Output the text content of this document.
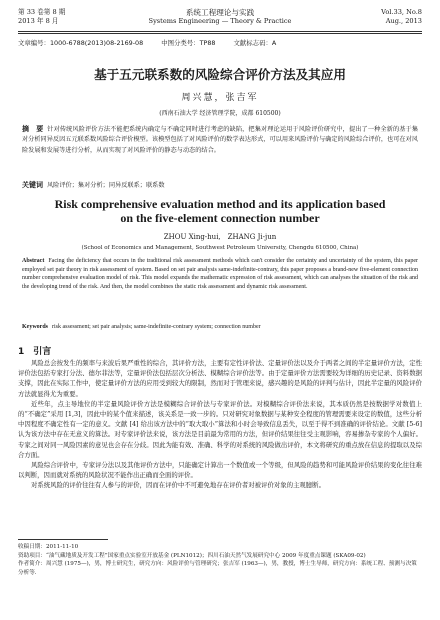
第 33 卷第 8 期
2013 年 8 月
系统工程理论与实践
Systems Engineering — Theory & Practice
Vol.33, No.8
Aug., 2013
文章编号：1000-6788(2013)08-2169-08	中图分类号：TP88	文献标志码：A
基于五元联系数的风险综合评价方法及其应用
周兴慧，张吉军
(西南石油大学 经济管理学院，成都 610500)
摘　要 针对传统风险评价方法不能把系统内确定与不确定同时进行考虑的缺陷，把集对理论运用于风险评价研究中，提出了一种全新的基于集对分析同异反因五元联系数风险综合评价模型。该模型包括了对风险评价的数学表达形式，可以用来风险评价与确定的风险综合评价，也可在对风险发展和发展等进行分析，从而实现了对风险评价的静态与动态的结合。
关键词 风险评价；集对分析；同异反联系；联系数
Risk comprehensive evaluation method and its application based
on the five-element connection number
ZHOU Xing-hui,　ZHANG Ji-jun
(School of Economics and Management, Southwest Petroleum University, Chengdu 610500, China)
Abstract Facing the deficiency that occurs in the traditional risk assessment methods which can't consider the certainty and uncertainty of the system, this paper employed set pair theory in risk assessment of system. Based on set pair analysis same-indefinite-contrary, this paper proposes a brand-new five-element connection number comprehensive evaluation model of risk. This model expands the mathematic expression of risk assessment, which can analyses the situation of the risk and the developing trend of the risk. And then, the model combines the static risk assessment and dynamic risk assessment.
Keywords risk assessment; set pair analysis; same-indefinite-contrary system; connection number
1　引言

风险总会按发生的频率与来波后果严重性的综合，其评价方法，主要有定性评价法、定量评价法以及介于两者之间的半定量评价方法，定性评价法包括专家打分法、德尔菲法等，定量评价法包括层次分析法、模糊综合评价法等。由于定量评价方法需要较为详细的历史记录、资料数据支撑，因此在实际工作中，使定量评价方法的应用受到较大的限制，然而对于管理来说，感兴趣的是风险的评判与估计，因此半定量的风险评价方法就显得尤为重要。

近些年，点主导地位的半定量风险评价方法是模糊综合评价法与专家评价法。对模糊综合评价法来说，其本质仍然是按数据学对数值上的“不确定”采用 [1,3]，因此中的某个值来描述，该关系是一致一步的。只对研究对象数据与某种安全程度的管理需要来设定的数值，这些分析中因程度不确定性有一定的意义。文献 [4] 给出该方法中的“取大取小”算法和小时会导致信息丢失，以至于得不到准确的评价结论。文献 [5-6] 认为该方法中存在无意义的算法。对专家评价法来说，该方法是目前最为常用的方法，但评价结果往往受主观影响，容易掺杂专家的个人偏好。专家之间对同一风险因素的意见也会存在分歧。因此为能有效、准确、科学的对系统的风险做出评价，本文将研究的重点放在信息的提取以及综合方面。

风险综合评价中，专家评分法以及其他评价方法中，只能确定计算出一个数值或一个等级，但风险的趋势和可能风险评价结果的变化往往难以判断，因而就对系统的风险状况不能作出正确而全面的评价。

对系统风险的评价往往有人参与的评价，因而在评价中不可避免地存在评价者对被评价对象的主观臆断。

收稿日期：2011-11-10

资助项目：“油气藏地质及开发工程”国家重点实验室开放基金 (PLN1012)；四川石油天然气发展研究中心 2009 年度重点课题 (SKA09-02)

作者简介：周兴慧 (1975—)，男，博士研究生，研究方向：风险评价与管理研究；张吉军 (1963—)，男，教授，博士生导师，研究方向：系统工程、预测与决策分析等.
